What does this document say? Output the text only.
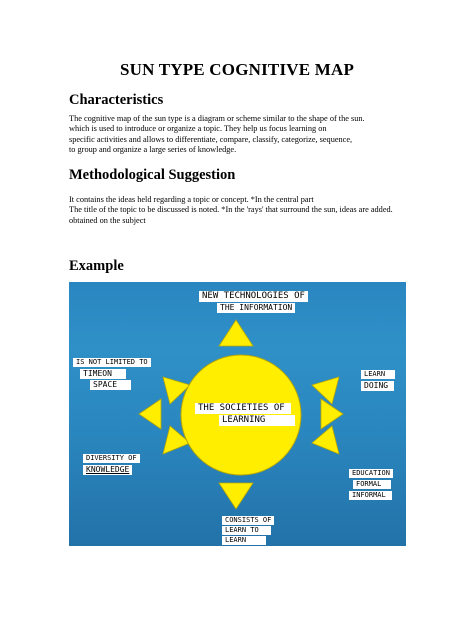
SUN TYPE COGNITIVE MAP
Characteristics
The cognitive map of the sun type is a diagram or scheme similar to the shape of the sun.
which is used to introduce or organize a topic. They help us focus learning on
specific activities and allows to differentiate, compare, classify, categorize, sequence,
to group and organize a large series of knowledge.
Methodological Suggestion
It contains the ideas held regarding a topic or concept. *In the central part
The title of the topic to be discussed is noted. *In the 'rays' that surround the sun, ideas are added.
obtained on the subject
Example
NEW TECHNOLOGIES OF
THE INFORMATION
IS NOT LIMITED TO
TIMEON
SPACE
LEARN
DOING
THE SOCIETIES OF
LEARNING
DIVERSITY OF
KNOWLEDGE	EDUCATION
FORMAL
INFORMAL
CONSISTS OF
LEARN TO
LEARN
